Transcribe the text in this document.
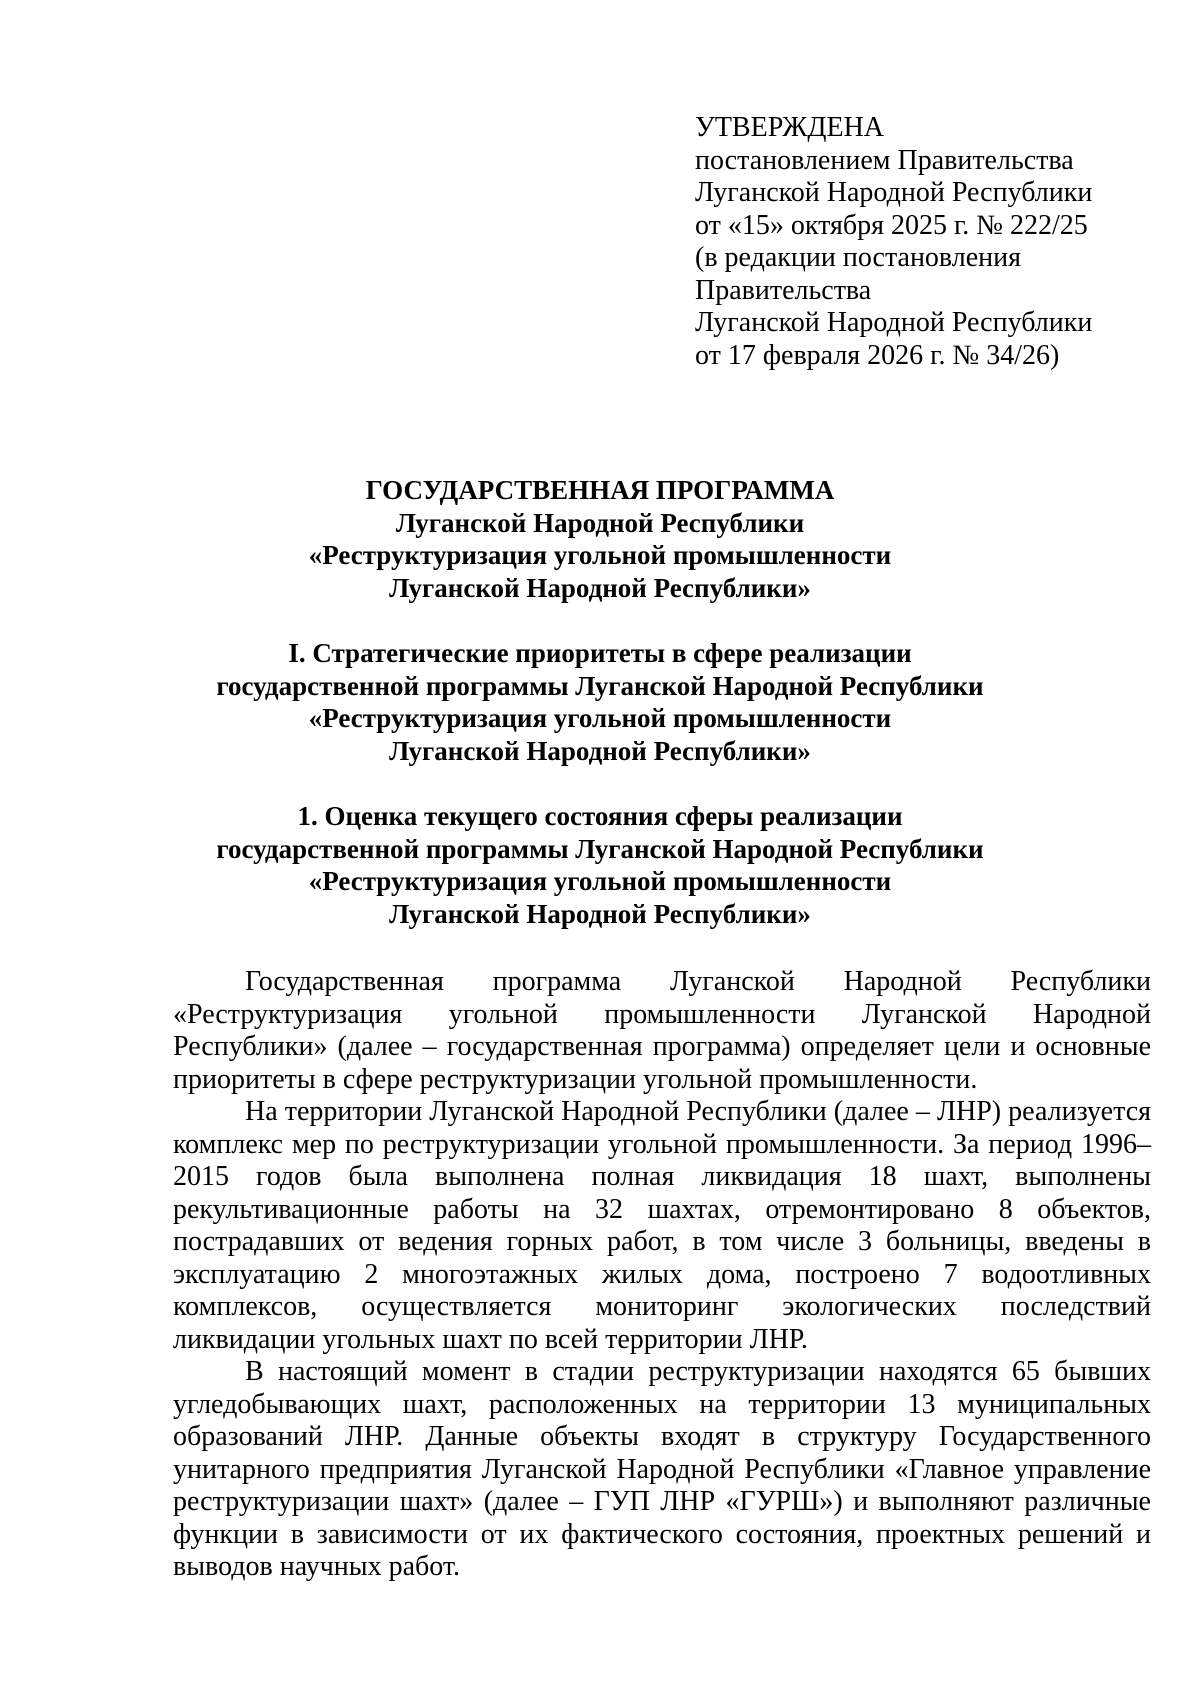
УТВЕРЖДЕНА
постановлением Правительства
Луганской Народной Республики
от «15» октября 2025 г. № 222/25
(в редакции постановления
Правительства
Луганской Народной Республики
от 17 февраля 2026 г. № 34/26)
ГОСУДАРСТВЕННАЯ ПРОГРАММА
Луганской Народной Республики
«Реструктуризация угольной промышленности
Луганской Народной Республики»
I. Стратегические приоритеты в сфере реализации
государственной программы Луганской Народной Республики
«Реструктуризация угольной промышленности
Луганской Народной Республики»
1. Оценка текущего состояния сферы реализации
государственной программы Луганской Народной Республики
«Реструктуризация угольной промышленности
Луганской Народной Республики»

Государственная программа Луганской Народной Республики «Реструктуризация угольной промышленности Луганской Народной Республики» (далее – государственная программа) определяет цели и основные приоритеты в сфере реструктуризации угольной промышленности.

На территории Луганской Народной Республики (далее – ЛНР) реализуется комплекс мер по реструктуризации угольной промышленности. За период 1996–2015 годов была выполнена полная ликвидация 18 шахт, выполнены рекультивационные работы на 32 шахтах, отремонтировано 8 объектов, пострадавших от ведения горных работ, в том числе 3 больницы, введены в эксплуатацию 2 многоэтажных жилых дома, построено 7 водоотливных комплексов, осуществляется мониторинг экологических последствий ликвидации угольных шахт по всей территории ЛНР.

В настоящий момент в стадии реструктуризации находятся 65 бывших угледобывающих шахт, расположенных на территории 13 муниципальных образований ЛНР. Данные объекты входят в структуру Государственного унитарного предприятия Луганской Народной Республики «Главное управление реструктуризации шахт» (далее – ГУП ЛНР «ГУРШ») и выполняют различные функции в зависимости от их фактического состояния, проектных решений и выводов научных работ.
